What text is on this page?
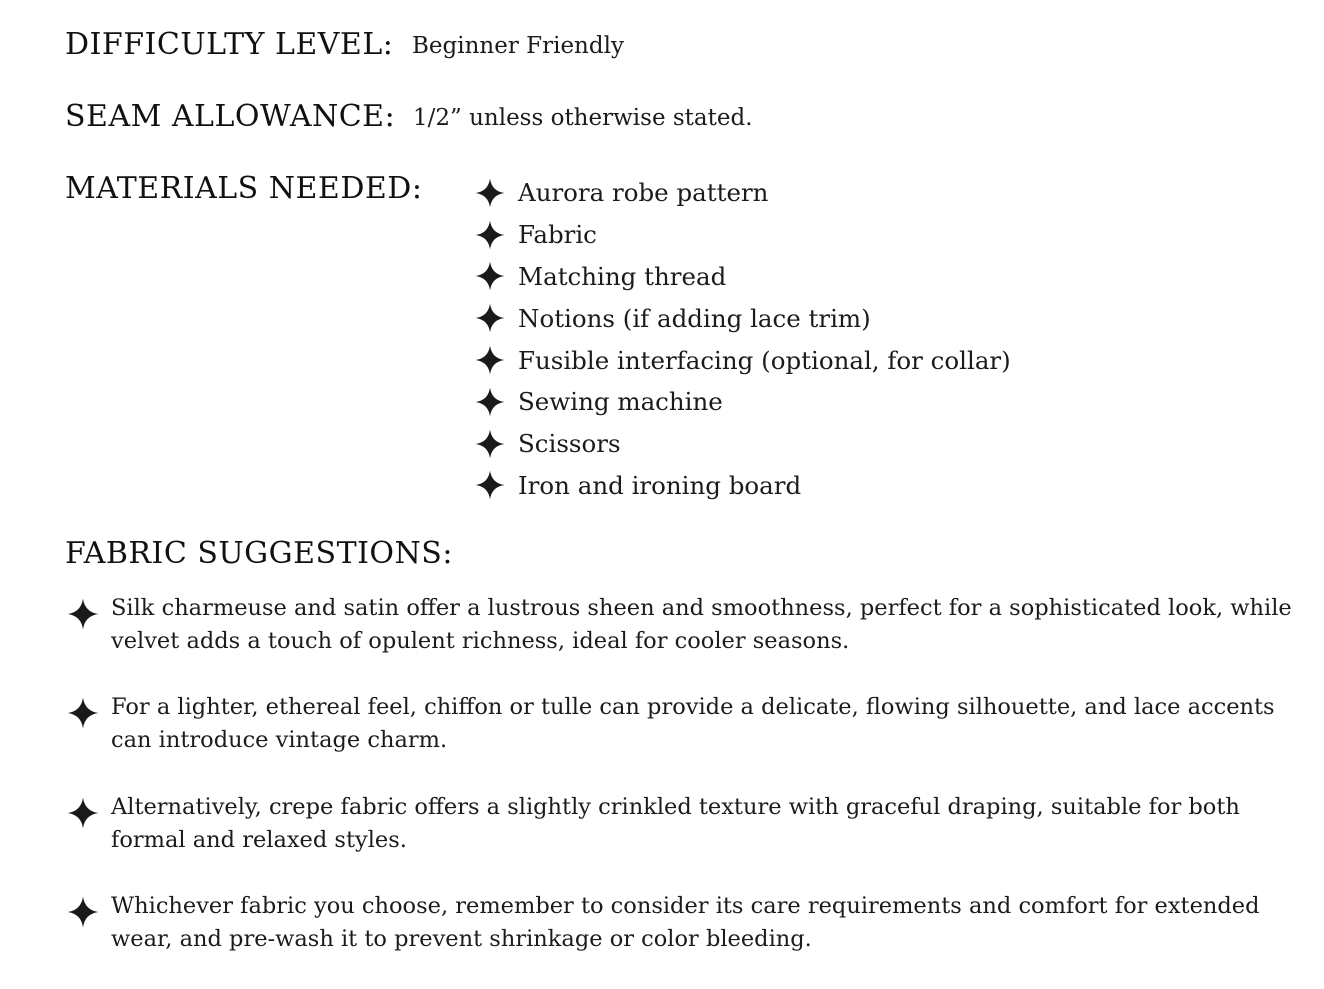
DIFFICULTY LEVEL: Beginner Friendly
SEAM ALLOWANCE: 1/2” unless otherwise stated.
MATERIALS NEEDED:	Aurora robe pattern
Fabric
Matching thread
Notions (if adding lace trim)
Fusible interfacing (optional, for collar)
Sewing machine
Scissors
Iron and ironing board
FABRIC SUGGESTIONS:
Silk charmeuse and satin offer a lustrous sheen and smoothness, perfect for a sophisticated look, while velvet adds a touch of opulent richness, ideal for cooler seasons.
For a lighter, ethereal feel, chiffon or tulle can provide a delicate, flowing silhouette, and lace accents can introduce vintage charm.
Alternatively, crepe fabric offers a slightly crinkled texture with graceful draping, suitable for both formal and relaxed styles.
Whichever fabric you choose, remember to consider its care requirements and comfort for extended wear, and pre-wash it to prevent shrinkage or color bleeding.
